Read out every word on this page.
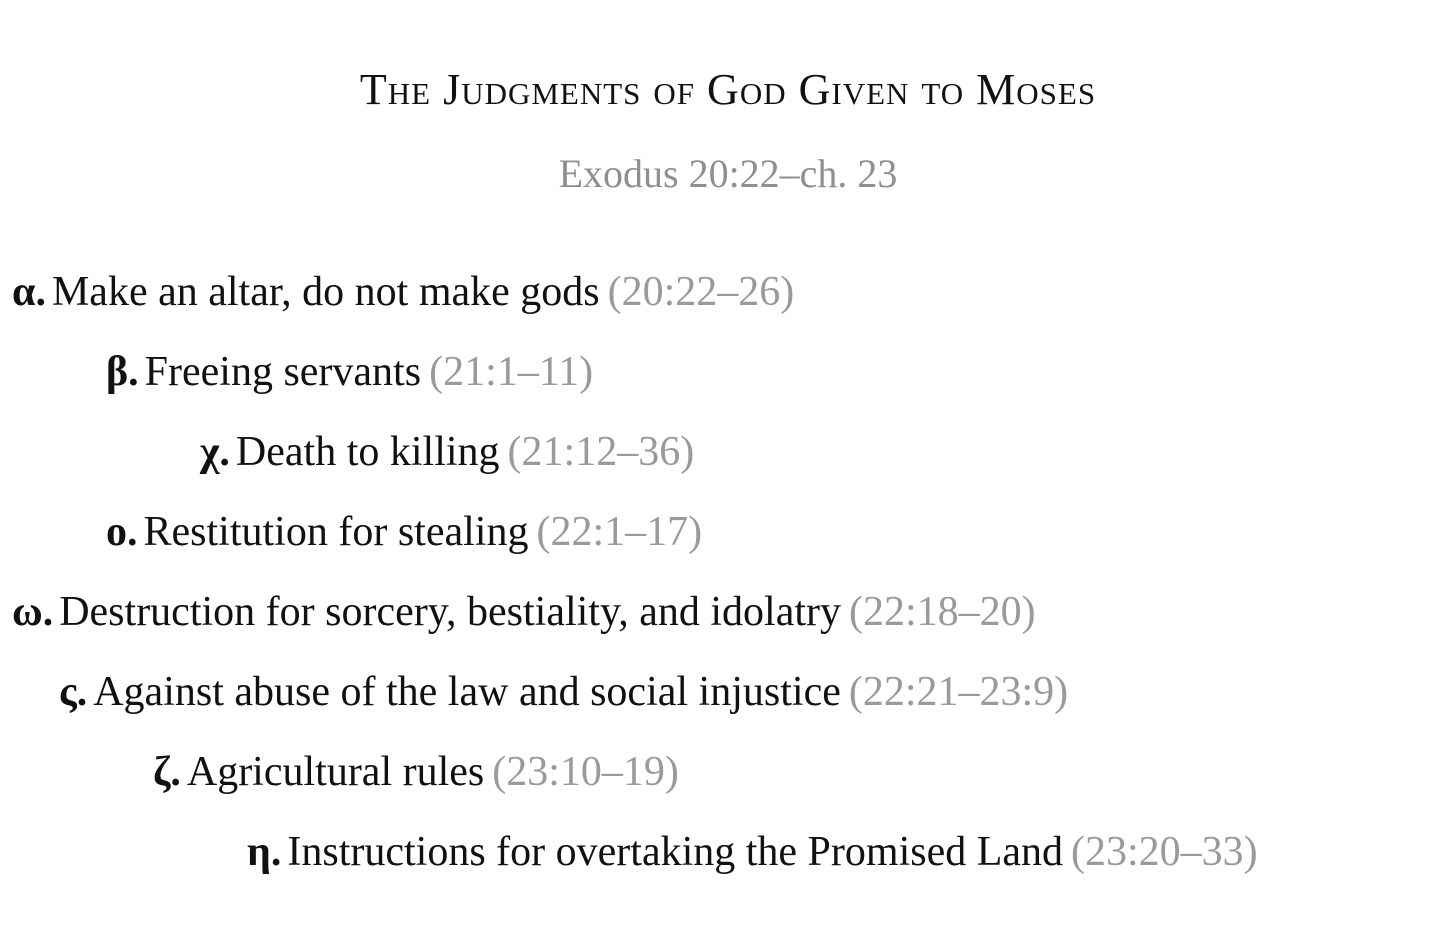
The Judgments of God Given to Moses
Exodus 20:22–ch. 23
α. Make an altar, do not make gods (20:22–26)
β. Freeing servants (21:1–11)
χ. Death to killing (21:12–36)
ο. Restitution for stealing (22:1–17)
ω. Destruction for sorcery, bestiality, and idolatry (22:18–20)
ς. Against abuse of the law and social injustice (22:21–23:9)
ζ. Agricultural rules (23:10–19)
η. Instructions for overtaking the Promised Land (23:20–33)
